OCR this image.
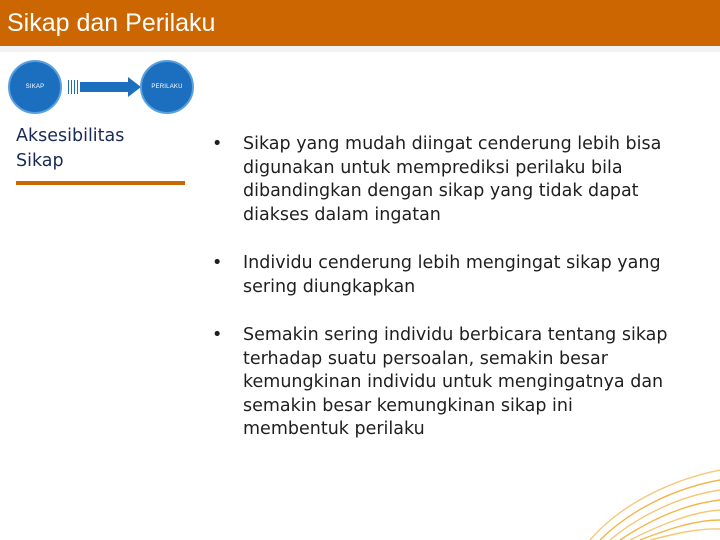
Sikap dan Perilaku
SIKAP	PERILAKU
Aksesibilitas
Sikap
• Sikap yang mudah diingat cenderung lebih bisa digunakan untuk memprediksi perilaku bila dibandingkan dengan sikap yang tidak dapat diakses dalam ingatan
• Individu cenderung lebih mengingat sikap yang sering diungkapkan
• Semakin sering individu berbicara tentang sikap terhadap suatu persoalan, semakin besar kemungkinan individu untuk mengingatnya dan semakin besar kemungkinan sikap ini membentuk perilaku
